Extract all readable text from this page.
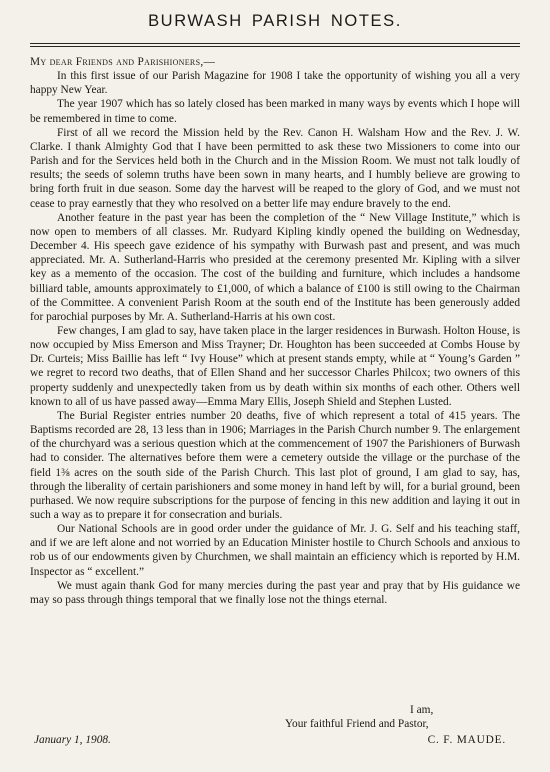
BURWASH PARISH NOTES.

My dear Friends and Parishioners,—

In this first issue of our Parish Magazine for 1908 I take the opportunity of wishing you all a very happy New Year.

The year 1907 which has so lately closed has been marked in many ways by events which I hope will be remembered in time to come.

First of all we record the Mission held by the Rev. Canon H. Walsham How and the Rev. J. W. Clarke. I thank Almighty God that I have been permitted to ask these two Missioners to come into our Parish and for the Services held both in the Church and in the Mission Room. We must not talk loudly of results; the seeds of solemn truths have been sown in many hearts, and I humbly believe are growing to bring forth fruit in due season. Some day the harvest will be reaped to the glory of God, and we must not cease to pray earnestly that they who resolved on a better life may endure bravely to the end.

Another feature in the past year has been the completion of the “ New Village Institute,” which is now open to members of all classes. Mr. Rudyard Kipling kindly opened the building on Wednesday, December 4. His speech gave ezidence of his sympathy with Burwash past and present, and was much appreciated. Mr. A. Sutherland-Harris who presided at the ceremony presented Mr. Kipling with a silver key as a memento of the occasion. The cost of the building and furniture, which includes a handsome billiard table, amounts approximately to £1,000, of which a balance of £100 is still owing to the Chairman of the Committee. A convenient Parish Room at the south end of the Institute has been generously added for parochial purposes by Mr. A. Sutherland-Harris at his own cost.

Few changes, I am glad to say, have taken place in the larger residences in Burwash. Holton House, is now occupied by Miss Emerson and Miss Trayner; Dr. Houghton has been succeeded at Combs House by Dr. Curteis; Miss Baillie has left “ Ivy House” which at present stands empty, while at “ Young’s Garden ” we regret to record two deaths, that of Ellen Shand and her successor Charles Philcox; two owners of this property suddenly and unexpectedly taken from us by death within six months of each other. Others well known to all of us have passed away—Emma Mary Ellis, Joseph Shield and Stephen Lusted.

The Burial Register entries number 20 deaths, five of which represent a total of 415 years. The Baptisms recorded are 28, 13 less than in 1906; Marriages in the Parish Church number 9. The enlargement of the churchyard was a serious question which at the commencement of 1907 the Parishioners of Burwash had to consider. The alternatives before them were a cemetery outside the village or the purchase of the field 1⅜ acres on the south side of the Parish Church. This last plot of ground, I am glad to say, has, through the liberality of certain parishioners and some money in hand left by will, for a burial ground, been purhased. We now require subscriptions for the purpose of fencing in this new addition and laying it out in such a way as to prepare it for consecration and burials.

Our National Schools are in good order under the guidance of Mr. J. G. Self and his teaching staff, and if we are left alone and not worried by an Education Minister hostile to Church Schools and anxious to rob us of our endowments given by Churchmen, we shall maintain an efficiency which is reported by H.M. Inspector as “ excellent.”

We must again thank God for many mercies during the past year and pray that by His guidance we may so pass through things temporal that we finally lose not the things eternal.

I am,
Your faithful Friend and Pastor,
January 1, 1908.	C. F. MAUDE.
